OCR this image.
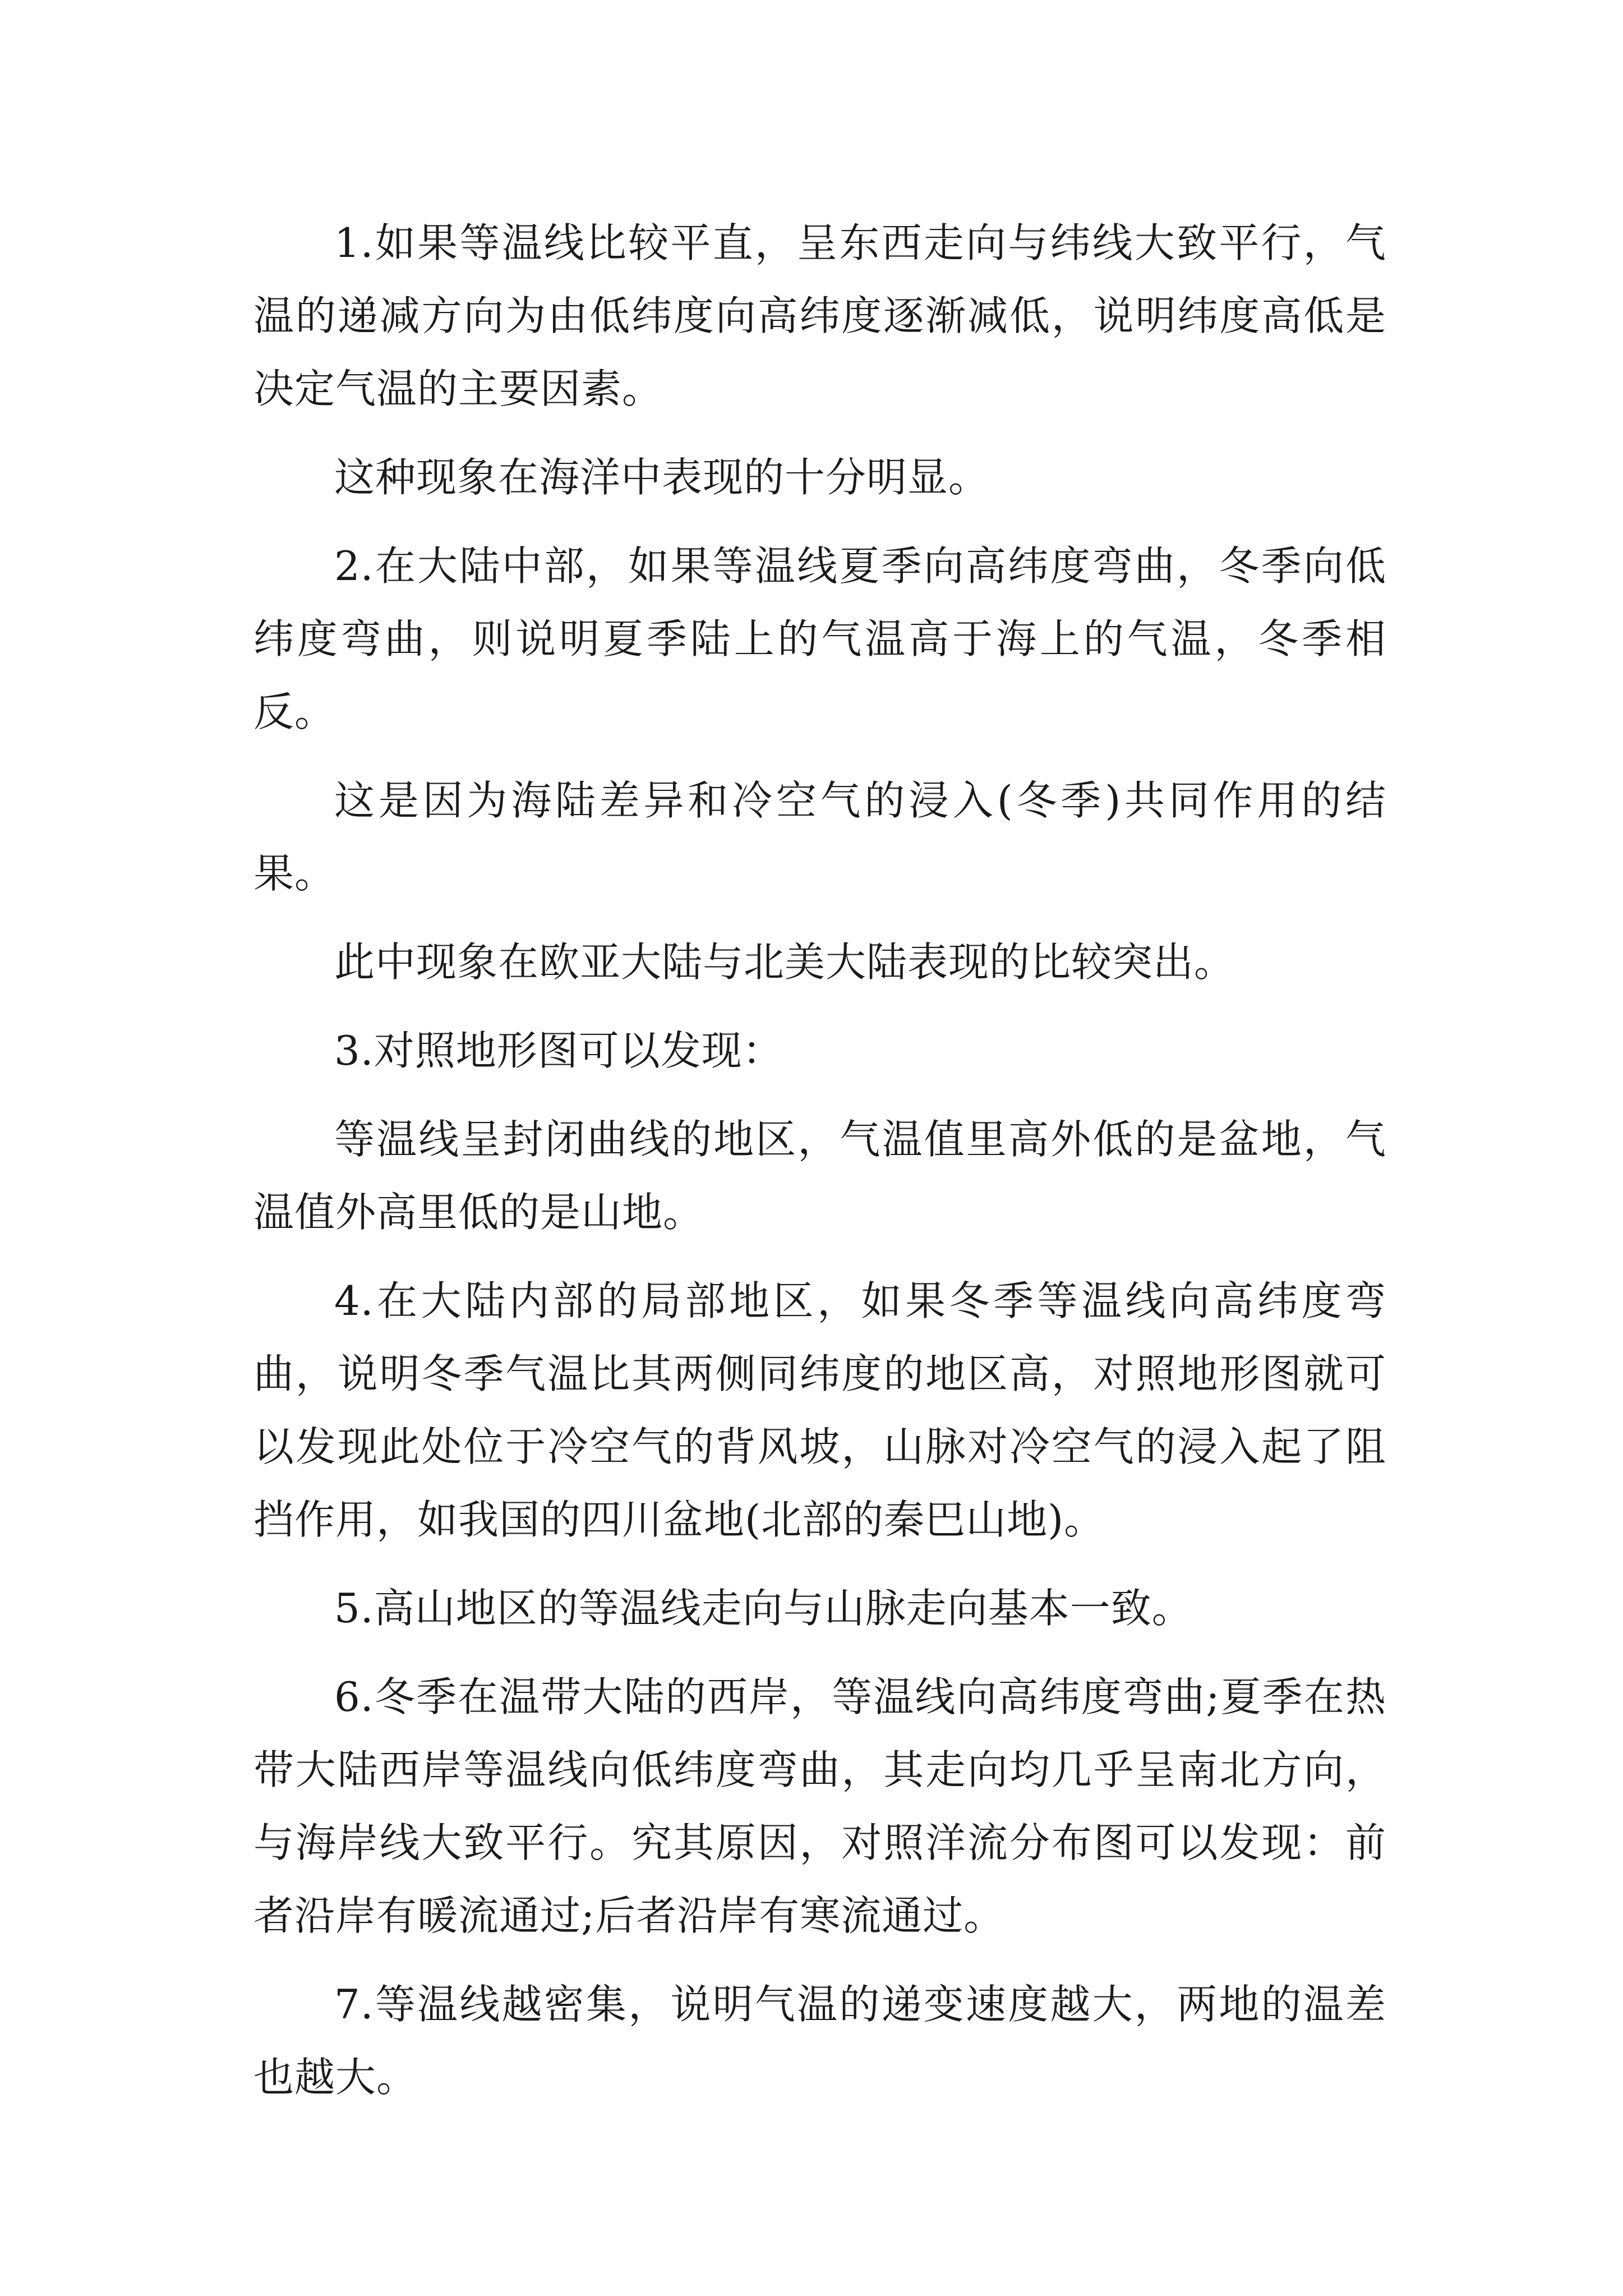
1.如果等温线比较平直，呈东西走向与纬线大致平行，气温的递减方向为由低纬度向高纬度逐渐减低，说明纬度高低是决定气温的主要因素。

这种现象在海洋中表现的十分明显。

2.在大陆中部，如果等温线夏季向高纬度弯曲，冬季向低纬度弯曲，则说明夏季陆上的气温高于海上的气温，冬季相反。

这是因为海陆差异和冷空气的浸入(冬季)共同作用的结果。

此中现象在欧亚大陆与北美大陆表现的比较突出。

3.对照地形图可以发现：

等温线呈封闭曲线的地区，气温值里高外低的是盆地，气温值外高里低的是山地。

4.在大陆内部的局部地区，如果冬季等温线向高纬度弯曲，说明冬季气温比其两侧同纬度的地区高，对照地形图就可以发现此处位于冷空气的背风坡，山脉对冷空气的浸入起了阻挡作用，如我国的四川盆地(北部的秦巴山地)。

5.高山地区的等温线走向与山脉走向基本一致。

6.冬季在温带大陆的西岸，等温线向高纬度弯曲;夏季在热带大陆西岸等温线向低纬度弯曲，其走向均几乎呈南北方向，与海岸线大致平行。究其原因，对照洋流分布图可以发现：前者沿岸有暖流通过;后者沿岸有寒流通过。

7.等温线越密集，说明气温的递变速度越大，两地的温差也越大。
